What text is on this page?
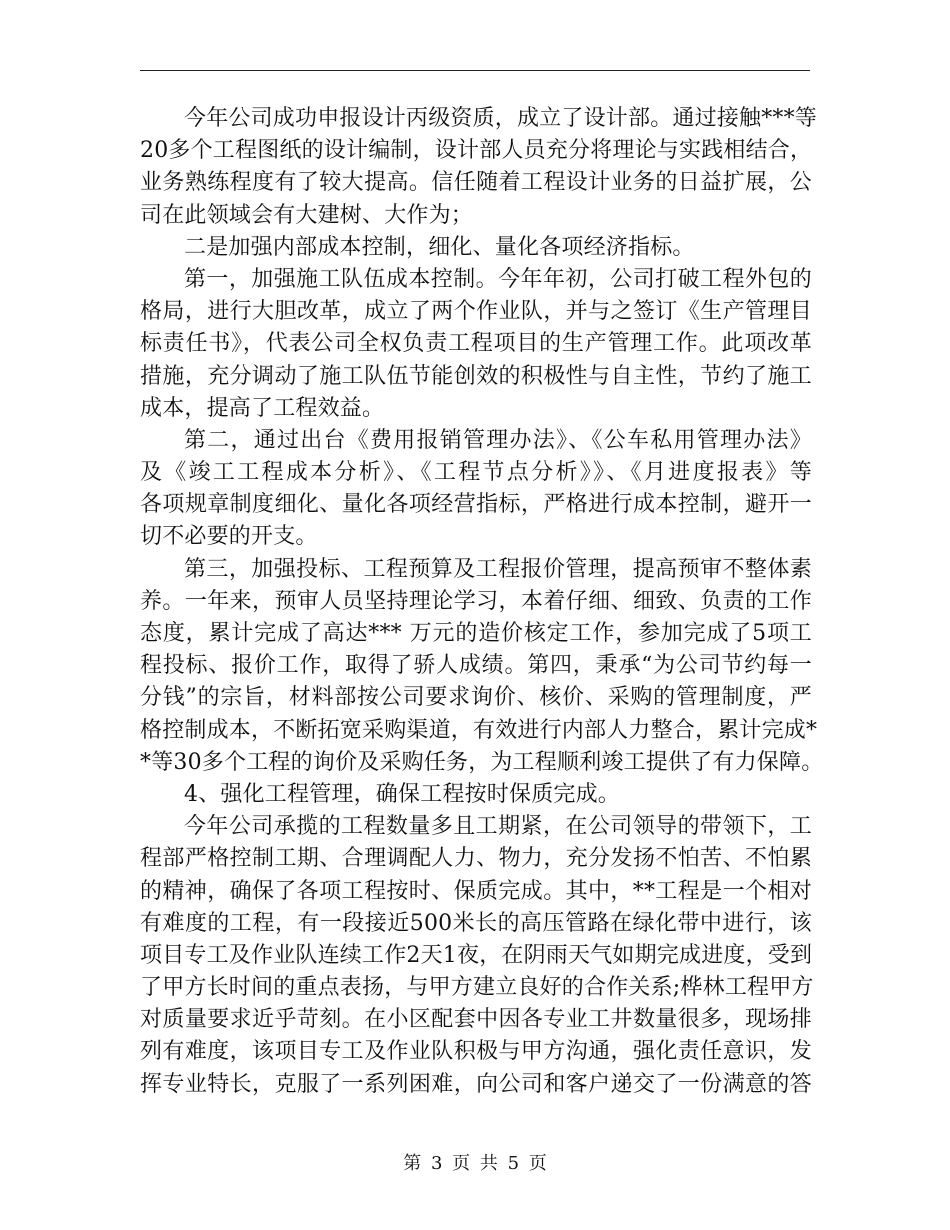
今年公司成功申报设计丙级资质，成立了设计部。通过接触***等
20多个工程图纸的设计编制，设计部人员充分将理论与实践相结合，
业务熟练程度有了较大提高。信任随着工程设计业务的日益扩展，公
司在此领域会有大建树、大作为；
二是加强内部成本控制，细化、量化各项经济指标。
第一，加强施工队伍成本控制。今年年初，公司打破工程外包的
格局，进行大胆改革，成立了两个作业队，并与之签订《生产管理目
标责任书》，代表公司全权负责工程项目的生产管理工作。此项改革
措施，充分调动了施工队伍节能创效的积极性与自主性，节约了施工
成本，提高了工程效益。
第二，通过出台《费用报销管理办法》、《公车私用管理办法》
及《竣工工程成本分析》、《工程节点分析》》、《月进度报表》等
各项规章制度细化、量化各项经营指标，严格进行成本控制，避开一
切不必要的开支。
第三，加强投标、工程预算及工程报价管理，提高预审不整体素
养。一年来，预审人员坚持理论学习，本着仔细、细致、负责的工作
态度，累计完成了高达*** 万元的造价核定工作，参加完成了5项工
程投标、报价工作，取得了骄人成绩。第四，秉承“为公司节约每一
分钱”的宗旨，材料部按公司要求询价、核价、采购的管理制度，严
格控制成本，不断拓宽采购渠道，有效进行内部人力整合，累计完成*
*等30多个工程的询价及采购任务，为工程顺利竣工提供了有力保障。
4、强化工程管理，确保工程按时保质完成。
今年公司承揽的工程数量多且工期紧，在公司领导的带领下，工
程部严格控制工期、合理调配人力、物力，充分发扬不怕苦、不怕累
的精神，确保了各项工程按时、保质完成。其中，**工程是一个相对
有难度的工程，有一段接近500米长的高压管路在绿化带中进行，该
项目专工及作业队连续工作2天1夜，在阴雨天气如期完成进度，受到
了甲方长时间的重点表扬，与甲方建立良好的合作关系;桦林工程甲方
对质量要求近乎苛刻。在小区配套中因各专业工井数量很多，现场排
列有难度，该项目专工及作业队积极与甲方沟通，强化责任意识，发
挥专业特长，克服了一系列困难，向公司和客户递交了一份满意的答
第 3 页 共 5 页
